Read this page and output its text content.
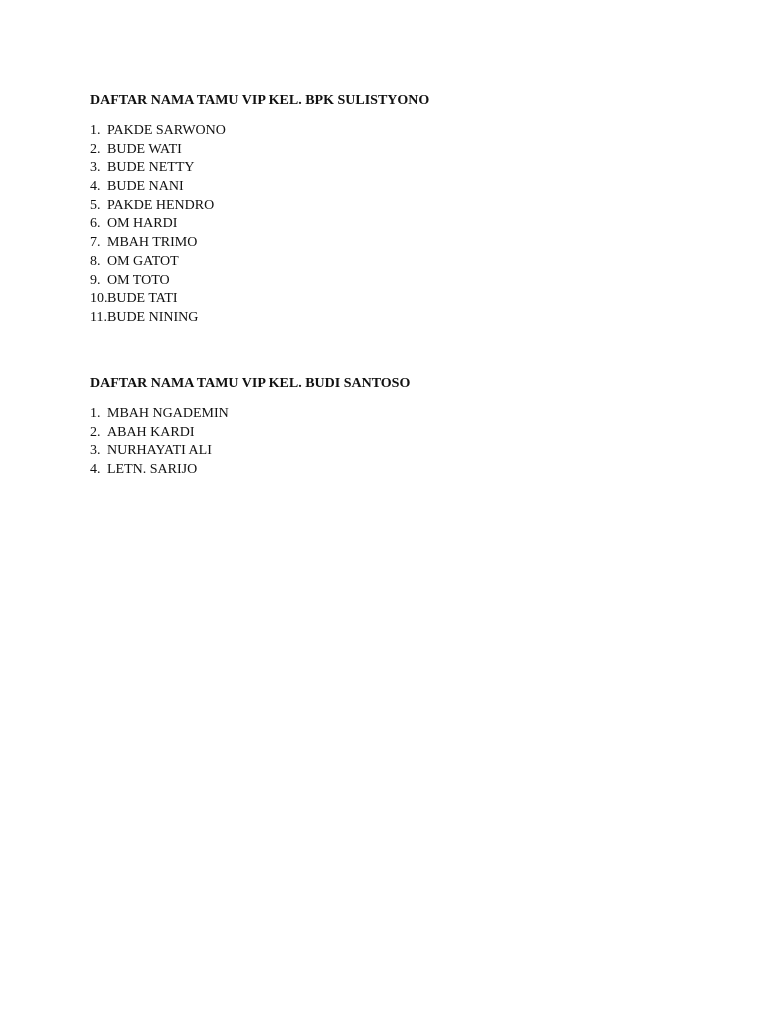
DAFTAR NAMA TAMU VIP KEL. BPK SULISTYONO
1. PAKDE SARWONO
2. BUDE WATI
3. BUDE NETTY
4. BUDE NANI
5. PAKDE HENDRO
6. OM HARDI
7. MBAH TRIMO
8. OM GATOT
9. OM TOTO
10. BUDE TATI
11. BUDE NINING
DAFTAR NAMA TAMU VIP KEL. BUDI SANTOSO
1. MBAH NGADEMIN
2. ABAH KARDI
3. NURHAYATI ALI
4. LETN. SARIJO
